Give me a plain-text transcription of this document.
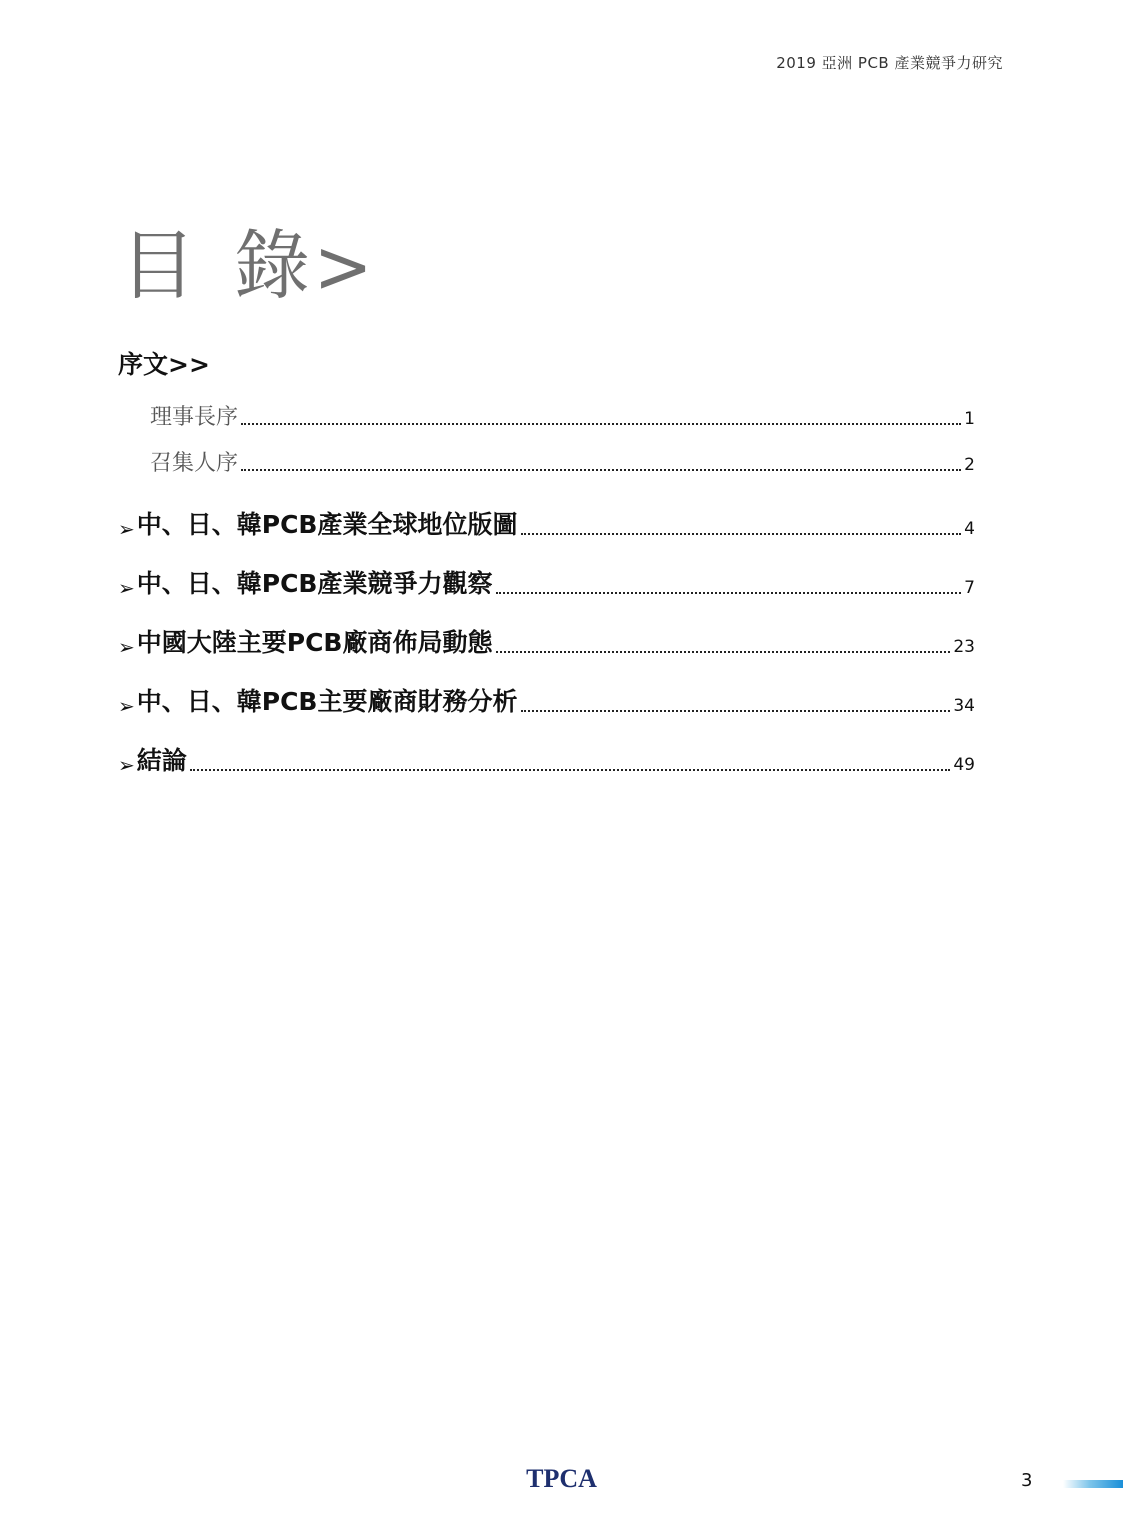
2019 亞洲 PCB 產業競爭力研究
目 錄>
序文>>
理事長序	1
召集人序	2
➢ 中、日、韓PCB產業全球地位版圖	4
➢ 中、日、韓PCB產業競爭力觀察	7
➢ 中國大陸主要PCB廠商佈局動態	23
➢ 中、日、韓PCB主要廠商財務分析	34
➢ 結論	49
TPCA	3
